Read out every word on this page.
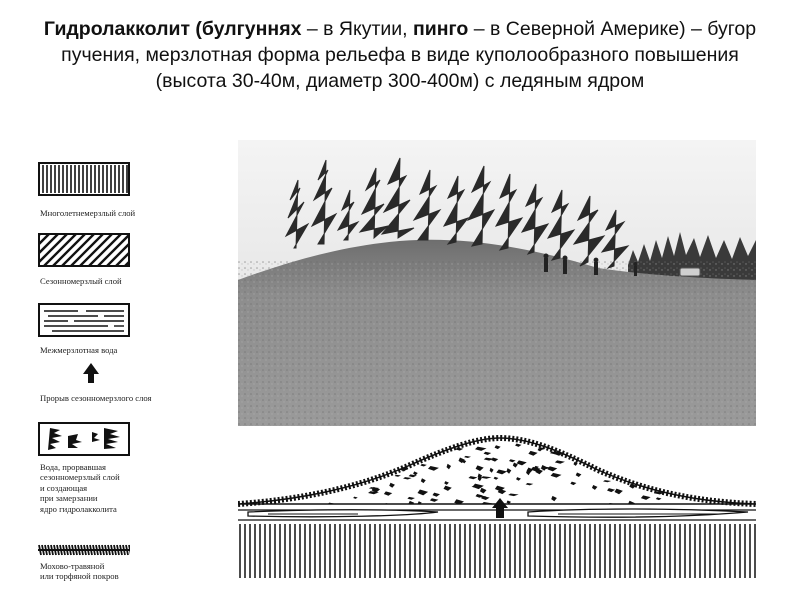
Гидролакколит (булгуннях – в Якутии, пинго – в Северной Америке) – бугор пучения, мерзлотная форма рельефа в виде куполообразного повышения (высота 30-40м, диаметр 300-400м) с ледяным ядром
Многолетнемерзлый слой
Сезонномерзлый слой
Межмерзлотная вода
Прорыв сезонномерзлого слоя
Вода, прорвавшая
сезонномерзлый слой
и создающая
при замерзании
ядро гидролакколита
Мохово-травяной
или торфяной покров
